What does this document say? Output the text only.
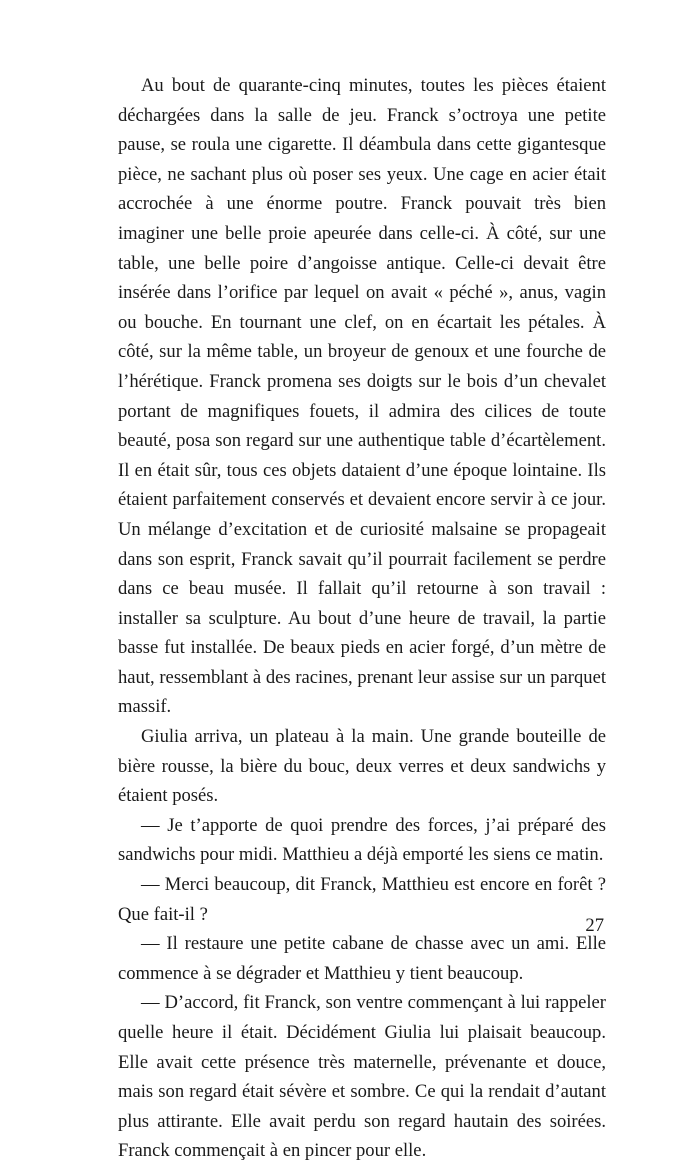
Au bout de quarante-cinq minutes, toutes les pièces étaient déchargées dans la salle de jeu. Franck s’octroya une petite pause, se roula une cigarette. Il déambula dans cette gigantesque pièce, ne sachant plus où poser ses yeux. Une cage en acier était accrochée à une énorme poutre. Franck pouvait très bien imaginer une belle proie apeurée dans celle-ci. À côté, sur une table, une belle poire d’angoisse antique. Celle-ci devait être insérée dans l’orifice par lequel on avait « péché », anus, vagin ou bouche. En tournant une clef, on en écartait les pétales. À côté, sur la même table, un broyeur de genoux et une fourche de l’hérétique. Franck promena ses doigts sur le bois d’un chevalet portant de magnifiques fouets, il admira des cilices de toute beauté, posa son regard sur une authentique table d’écartèlement. Il en était sûr, tous ces objets dataient d’une époque lointaine. Ils étaient parfaitement conservés et devaient encore servir à ce jour. Un mélange d’excitation et de curiosité malsaine se propageait dans son esprit, Franck savait qu’il pourrait facilement se perdre dans ce beau musée. Il fallait qu’il retourne à son travail : installer sa sculpture. Au bout d’une heure de travail, la partie basse fut installée. De beaux pieds en acier forgé, d’un mètre de haut, ressemblant à des racines, prenant leur assise sur un parquet massif.

Giulia arriva, un plateau à la main. Une grande bouteille de bière rousse, la bière du bouc, deux verres et deux sandwichs y étaient posés.

— Je t’apporte de quoi prendre des forces, j’ai préparé des sandwichs pour midi. Matthieu a déjà emporté les siens ce matin.

— Merci beaucoup, dit Franck, Matthieu est encore en forêt ? Que fait-il ?

— Il restaure une petite cabane de chasse avec un ami. Elle commence à se dégrader et Matthieu y tient beaucoup.

— D’accord, fit Franck, son ventre commençant à lui rappeler quelle heure il était. Décidément Giulia lui plaisait beaucoup. Elle avait cette présence très maternelle, prévenante et douce, mais son regard était sévère et sombre. Ce qui la rendait d’autant plus attirante. Elle avait perdu son regard hautain des soirées. Franck commençait à en pincer pour elle.

27
